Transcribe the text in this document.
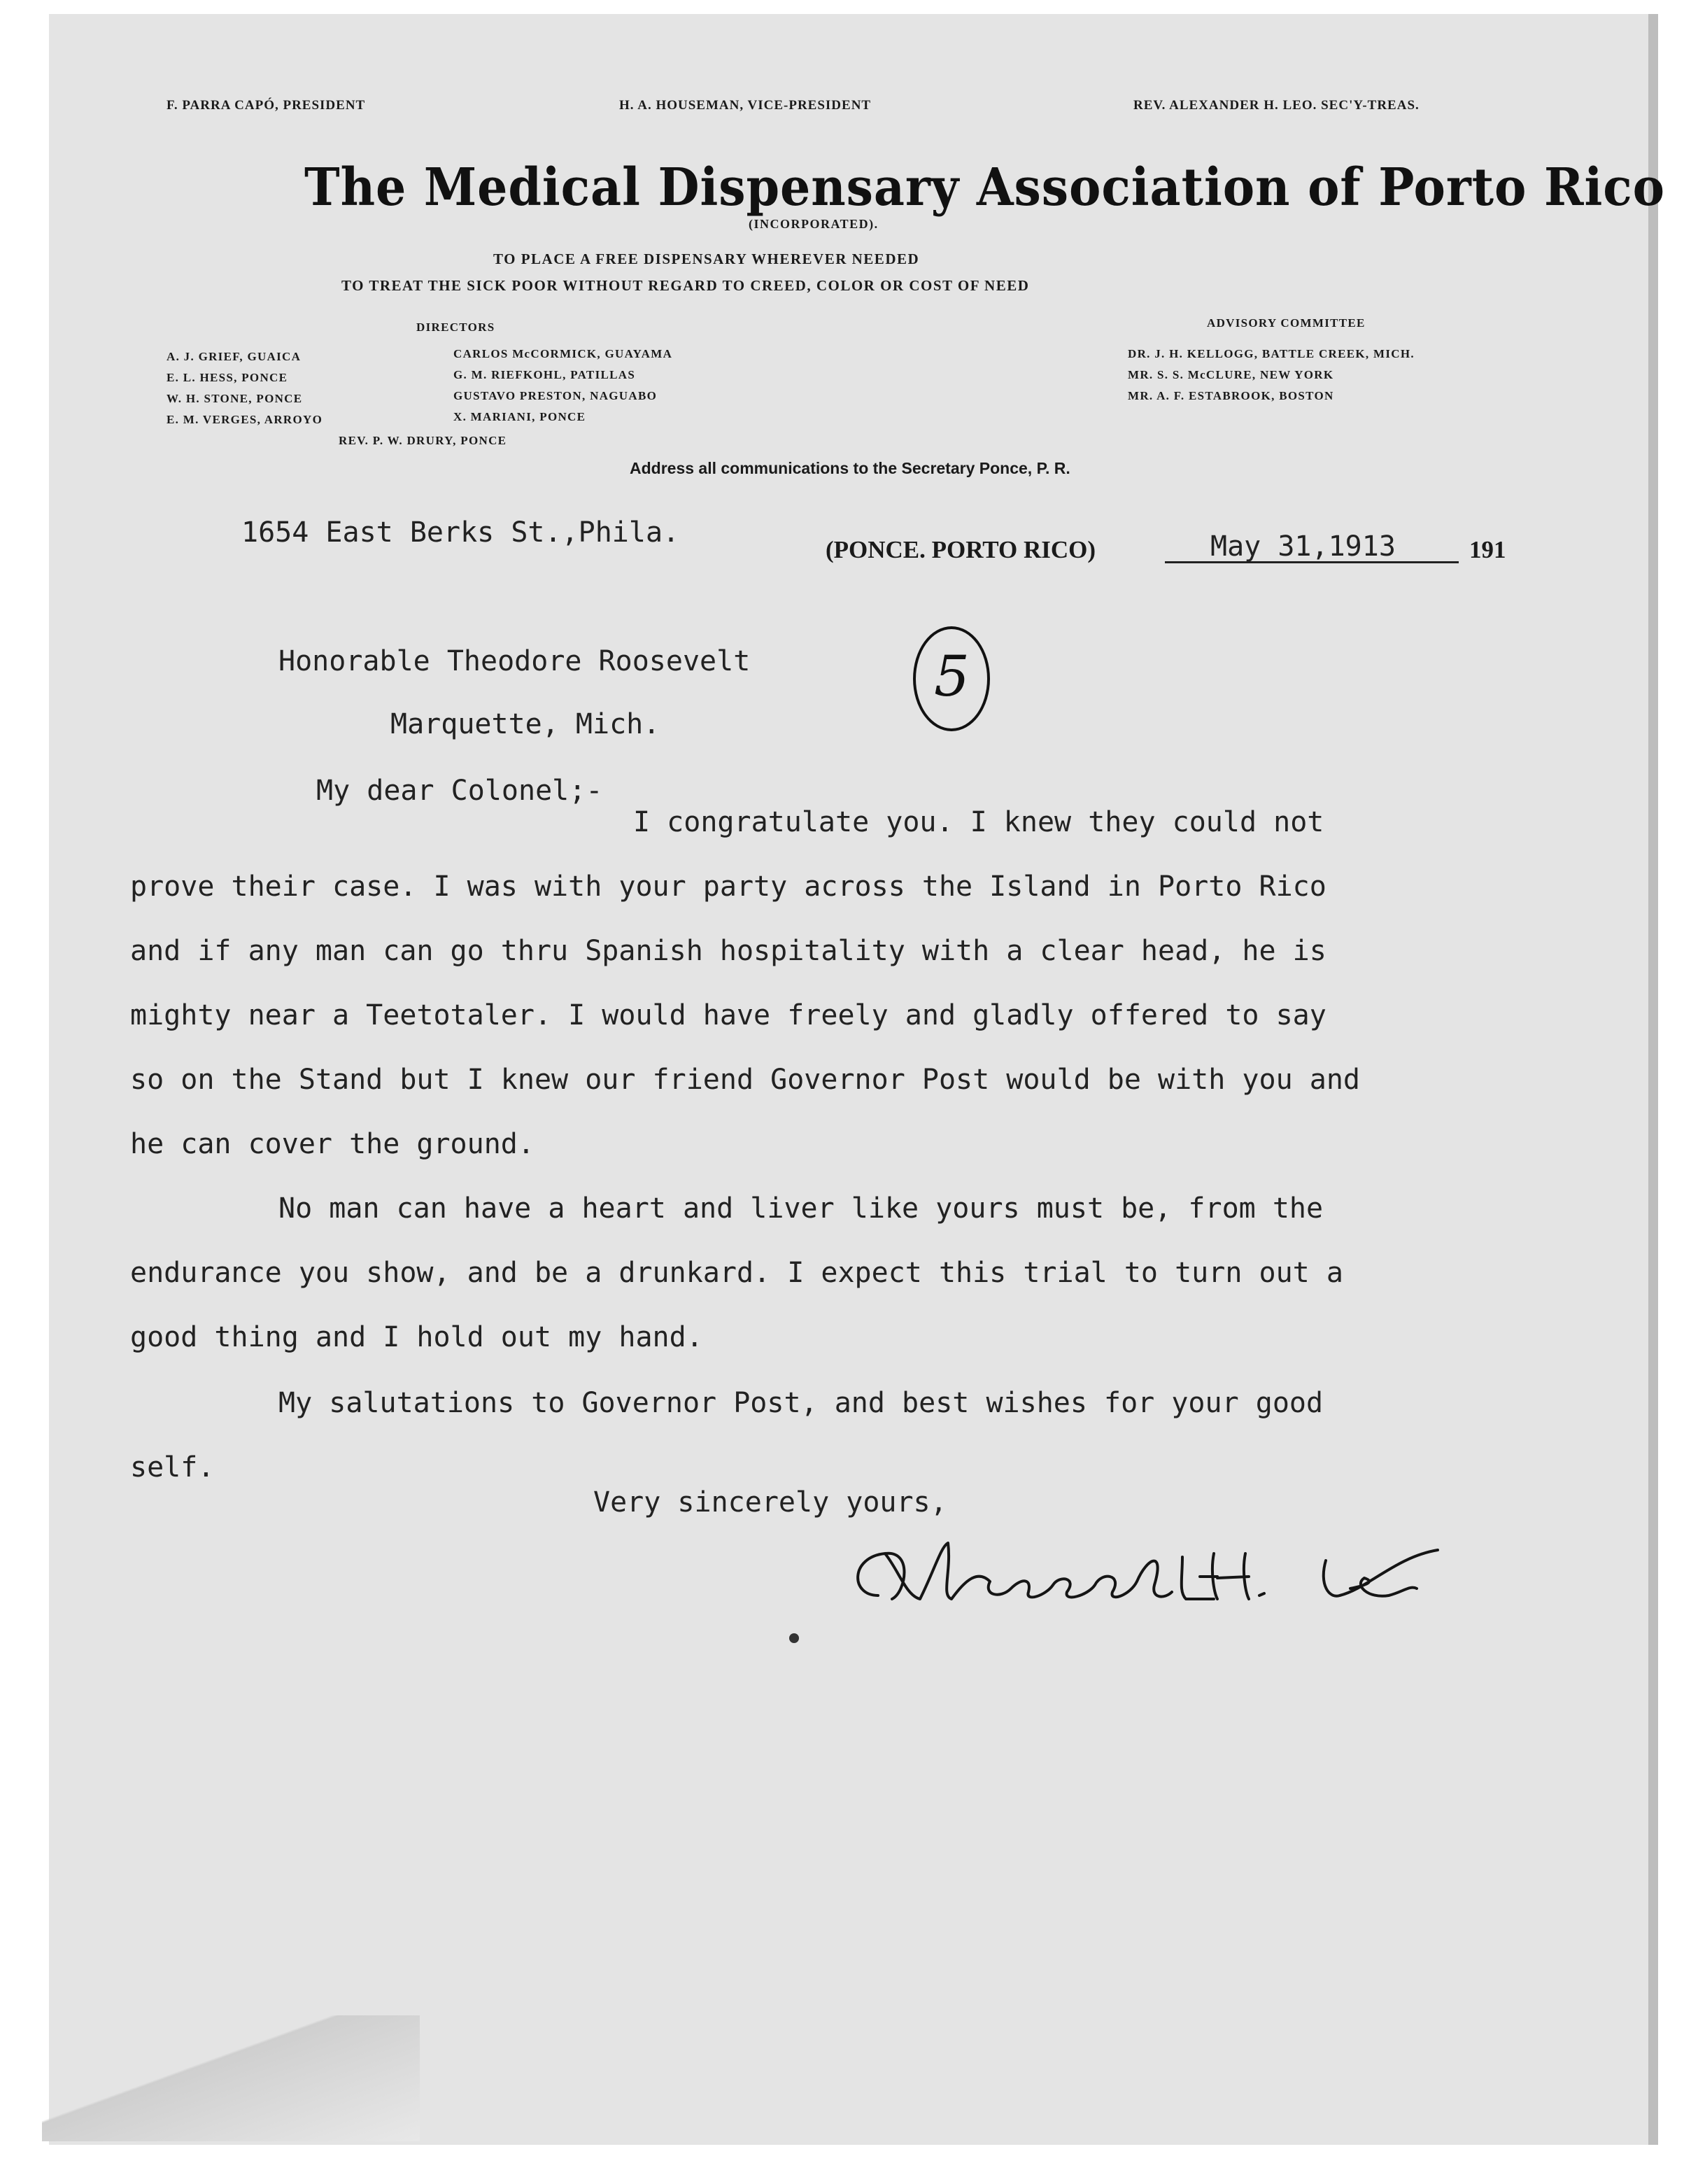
F. PARRA CAPÓ, PRESIDENT	H. A. HOUSEMAN, VICE-PRESIDENT	REV. ALEXANDER H. LEO. SEC'Y-TREAS.
The Medical Dispensary Association of Porto Rico
(INCORPORATED).
TO PLACE A FREE DISPENSARY WHEREVER NEEDED
TO TREAT THE SICK POOR WITHOUT REGARD TO CREED, COLOR OR COST OF NEED
DIRECTORS
A. J. GRIEF, GUAICA
E. L. HESS, PONCE
W. H. STONE, PONCE
E. M. VERGES, ARROYO
CARLOS McCORMICK, GUAYAMA
G. M. RIEFKOHL, PATILLAS
GUSTAVO PRESTON, NAGUABO
X. MARIANI, PONCE
REV. P. W. DRURY, PONCE
ADVISORY COMMITTEE
DR. J. H. KELLOGG, BATTLE CREEK, MICH.
MR. S. S. McCLURE, NEW YORK
MR. A. F. ESTABROOK, BOSTON
Address all communications to the Secretary Ponce, P. R.
1654 East Berks St.,Phila.
(PONCE. PORTO RICO)	May 31,1913	191
Honorable Theodore Roosevelt
Marquette, Mich.
5
My dear Colonel;-
I congratulate you. I knew they could not
prove their case. I was with your party across the Island in Porto Rico
and if any man can go thru Spanish hospitality with a clear head, he is
mighty near a Teetotaler. I would have freely and gladly offered to say
so on the Stand but I knew our friend Governor Post would be with you and
he can cover the ground.
No man can have a heart and liver like yours must be, from the
endurance you show, and be a drunkard. I expect this trial to turn out a
good thing and I hold out my hand.
My salutations to Governor Post, and best wishes for your good
self.
Very sincerely yours,
